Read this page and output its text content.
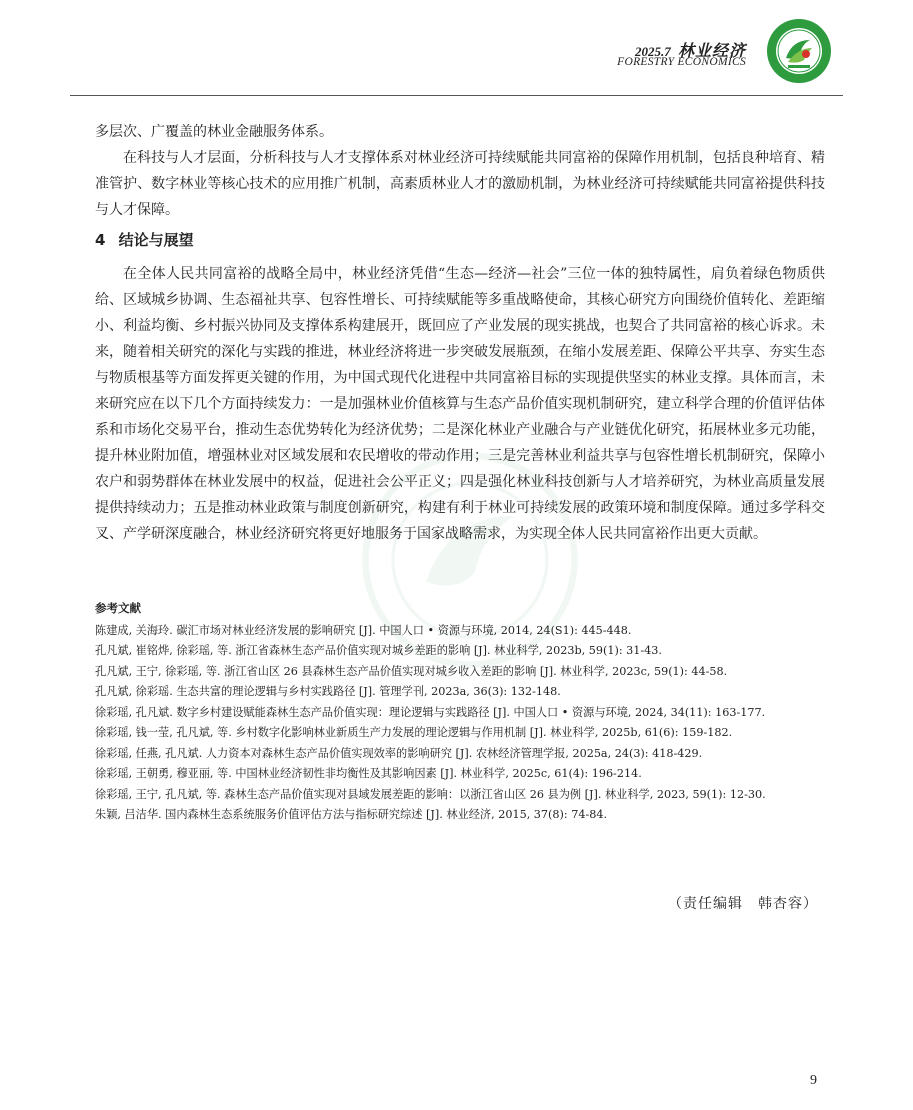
2025.7 林业经济
FORESTRY ECONOMICS

多层次、广覆盖的林业金融服务体系。

在科技与人才层面，分析科技与人才支撑体系对林业经济可持续赋能共同富裕的保障作用机制，包括良种培育、精准管护、数字林业等核心技术的应用推广机制，高素质林业人才的激励机制，为林业经济可持续赋能共同富裕提供科技与人才保障。

4 结论与展望

在全体人民共同富裕的战略全局中，林业经济凭借“生态—经济—社会”三位一体的独特属性，肩负着绿色物质供给、区域城乡协调、生态福祉共享、包容性增长、可持续赋能等多重战略使命，其核心研究方向围绕价值转化、差距缩小、利益均衡、乡村振兴协同及支撑体系构建展开，既回应了产业发展的现实挑战，也契合了共同富裕的核心诉求。未来，随着相关研究的深化与实践的推进，林业经济将进一步突破发展瓶颈，在缩小发展差距、保障公平共享、夯实生态与物质根基等方面发挥更关键的作用，为中国式现代化进程中共同富裕目标的实现提供坚实的林业支撑。具体而言，未来研究应在以下几个方面持续发力：一是加强林业价值核算与生态产品价值实现机制研究，建立科学合理的价值评估体系和市场化交易平台，推动生态优势转化为经济优势；二是深化林业产业融合与产业链优化研究，拓展林业多元功能，提升林业附加值，增强林业对区域发展和农民增收的带动作用；三是完善林业利益共享与包容性增长机制研究，保障小农户和弱势群体在林业发展中的权益，促进社会公平正义；四是强化林业科技创新与人才培养研究，为林业高质量发展提供持续动力；五是推动林业政策与制度创新研究，构建有利于林业可持续发展的政策环境和制度保障。通过多学科交叉、产学研深度融合，林业经济研究将更好地服务于国家战略需求，为实现全体人民共同富裕作出更大贡献。

参考文献
陈建成, 关海玲. 碳汇市场对林业经济发展的影响研究 [J]. 中国人口 • 资源与环境, 2014, 24(S1): 445-448.
孔凡斌, 崔铭烨, 徐彩瑶, 等. 浙江省森林生态产品价值实现对城乡差距的影响 [J]. 林业科学, 2023b, 59(1): 31-43.
孔凡斌, 王宁, 徐彩瑶, 等. 浙江省山区 26 县森林生态产品价值实现对城乡收入差距的影响 [J]. 林业科学, 2023c, 59(1): 44-58.
孔凡斌, 徐彩瑶. 生态共富的理论逻辑与乡村实践路径 [J]. 管理学刊, 2023a, 36(3): 132-148.
徐彩瑶, 孔凡斌. 数字乡村建设赋能森林生态产品价值实现：理论逻辑与实践路径 [J]. 中国人口 • 资源与环境, 2024, 34(11): 163-177.
徐彩瑶, 钱一莹, 孔凡斌, 等. 乡村数字化影响林业新质生产力发展的理论逻辑与作用机制 [J]. 林业科学, 2025b, 61(6): 159-182.
徐彩瑶, 任燕, 孔凡斌. 人力资本对森林生态产品价值实现效率的影响研究 [J]. 农林经济管理学报, 2025a, 24(3): 418-429.
徐彩瑶, 王朝勇, 穆亚丽, 等. 中国林业经济韧性非均衡性及其影响因素 [J]. 林业科学, 2025c, 61(4): 196-214.
徐彩瑶, 王宁, 孔凡斌, 等. 森林生态产品价值实现对县域发展差距的影响：以浙江省山区 26 县为例 [J]. 林业科学, 2023, 59(1): 12-30.
朱颖, 吕洁华. 国内森林生态系统服务价值评估方法与指标研究综述 [J]. 林业经济, 2015, 37(8): 74-84.
（责任编辑　韩杏容）
9
